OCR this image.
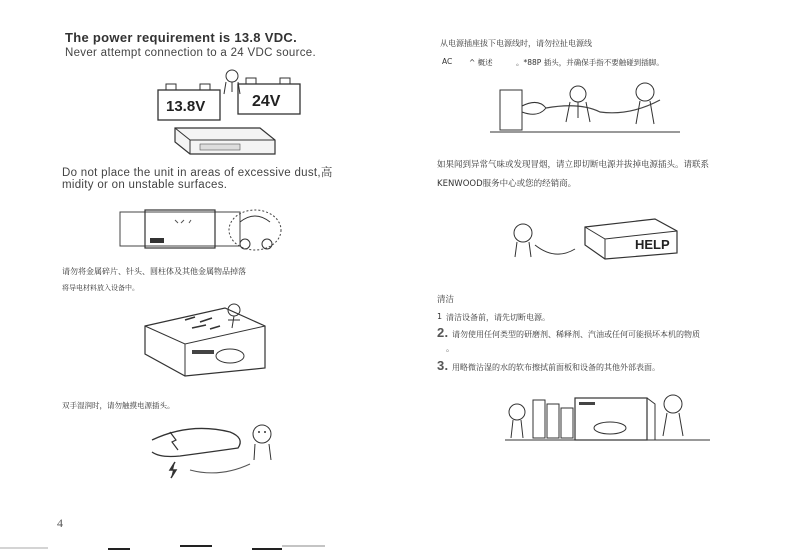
The power requirement is 13.8 VDC.
Never attempt connection to a 24 VDC source.
13.8V	24V
Do not place the unit in areas of excessive dust,高
midity or on unstable surfaces.
请勿将金属碎片、针头、圆柱体及其他金属物品掉落
将导电材料放入设备中。
双手湿润时，请勿触摸电源插头。
4
从电源插座拔下电源线时，请勿拉扯电源线
AC ^ 概述	。*88P 插头，并确保手指不要触碰到插脚。
如果闻到异常气味或发现冒烟，请立即切断电源并拔掉电源插头。请联系
KENWOOD服务中心或您的经销商。
HELP
清洁
1 清洁设备前，请先切断电源。
2. 请勿使用任何类型的研磨剂、稀释剂、汽油或任何可能损坏本机的物质
。
3. 用略微沾湿的水的软布擦拭前面板和设备的其他外部表面。
